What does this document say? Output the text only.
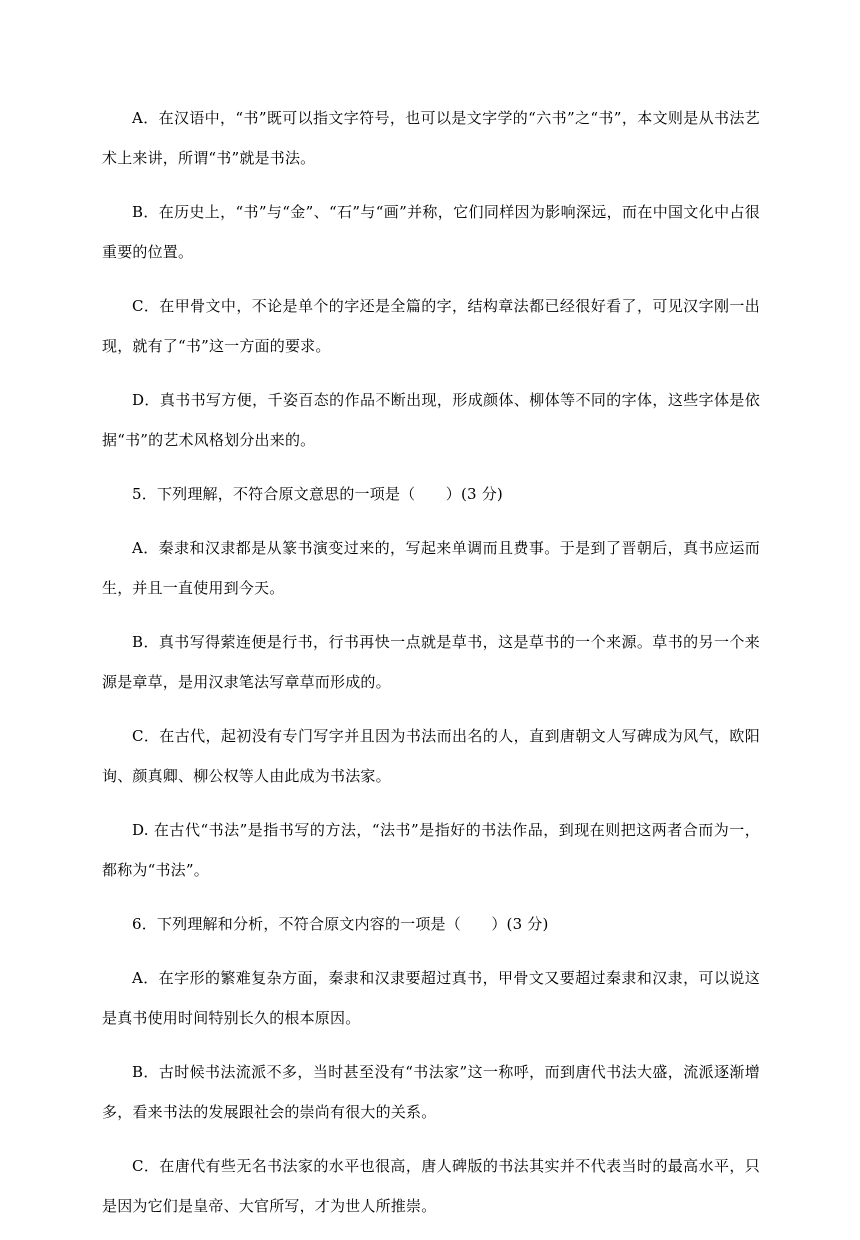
A．在汉语中，“书”既可以指文字符号，也可以是文字学的“六书”之“书”，本文则是从书法艺术上来讲，所谓“书”就是书法。

B．在历史上，“书”与“金”、“石”与“画”并称，它们同样因为影响深远，而在中国文化中占很重要的位置。

C．在甲骨文中，不论是单个的字还是全篇的字，结构章法都已经很好看了，可见汉字刚一出现，就有了“书”这一方面的要求。

D．真书书写方便，千姿百态的作品不断出现，形成颜体、柳体等不同的字体，这些字体是依据“书”的艺术风格划分出来的。

5．下列理解，不符合原文意思的一项是（　　）(3 分)

A．秦隶和汉隶都是从篆书演变过来的，写起来单调而且费事。于是到了晋朝后，真书应运而生，并且一直使用到今天。

B．真书写得萦连便是行书，行书再快一点就是草书，这是草书的一个来源。草书的另一个来源是章草，是用汉隶笔法写章草而形成的。

C．在古代，起初没有专门写字并且因为书法而出名的人，直到唐朝文人写碑成为风气，欧阳询、颜真卿、柳公权等人由此成为书法家。

D. 在古代“书法”是指书写的方法，“法书”是指好的书法作品，到现在则把这两者合而为一，都称为“书法”。

6．下列理解和分析，不符合原文内容的一项是（　　）(3 分)

A．在字形的繁难复杂方面，秦隶和汉隶要超过真书，甲骨文又要超过秦隶和汉隶，可以说这是真书使用时间特别长久的根本原因。

B．古时候书法流派不多，当时甚至没有“书法家”这一称呼，而到唐代书法大盛，流派逐渐增多，看来书法的发展跟社会的崇尚有很大的关系。

C．在唐代有些无名书法家的水平也很高，唐人碑版的书法其实并不代表当时的最高水平，只是因为它们是皇帝、大官所写，才为世人所推崇。
